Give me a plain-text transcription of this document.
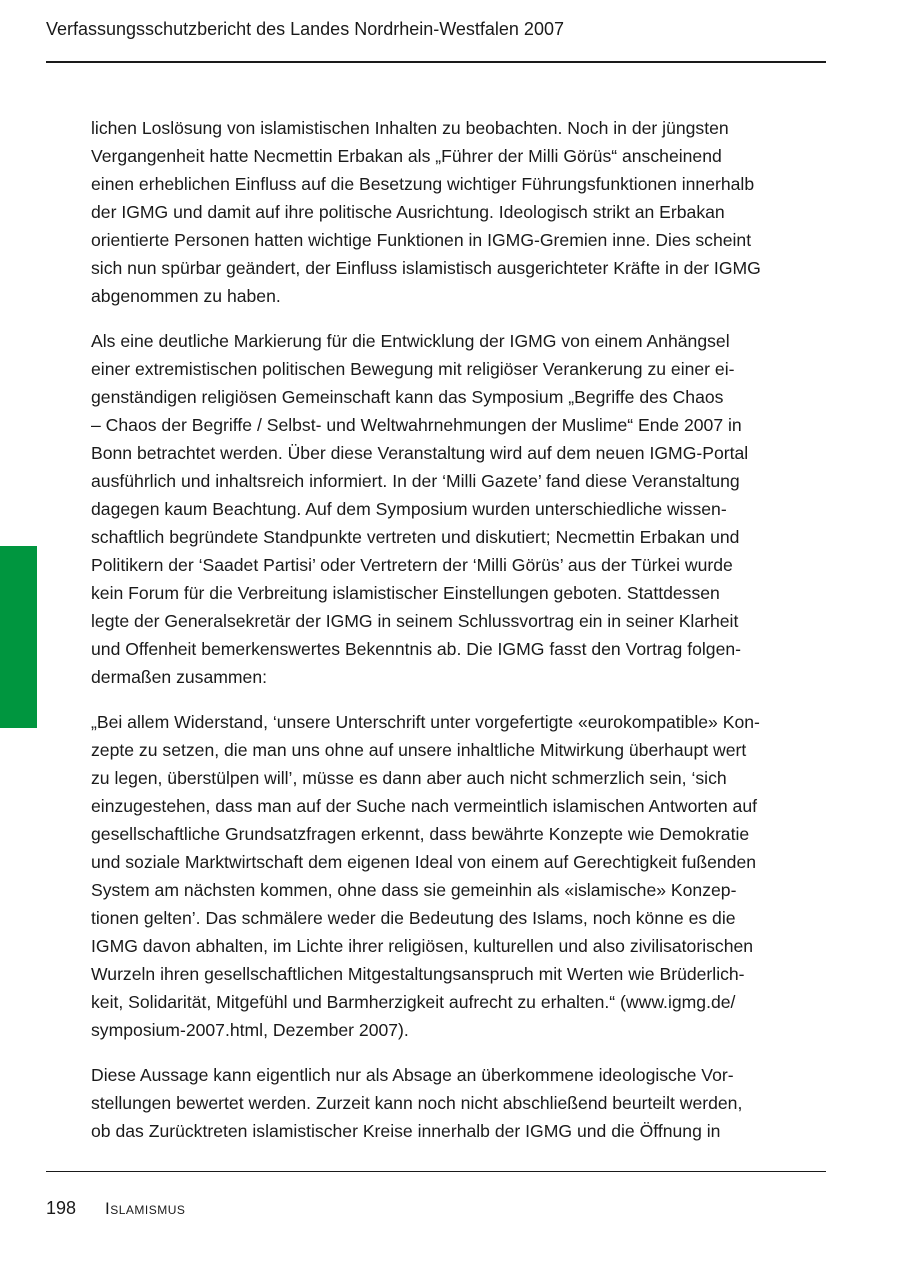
Verfassungsschutzbericht des Landes Nordrhein-Westfalen 2007
lichen Loslösung von islamistischen Inhalten zu beobachten. Noch in der jüngsten
Vergangenheit hatte Necmettin Erbakan als „Führer der Milli Görüs“ anscheinend
einen erheblichen Einfluss auf die Besetzung wichtiger Führungsfunktionen innerhalb
der IGMG und damit auf ihre politische Ausrichtung. Ideologisch strikt an Erbakan
orientierte Personen hatten wichtige Funktionen in IGMG-Gremien inne. Dies scheint
sich nun spürbar geändert, der Einfluss islamistisch ausgerichteter Kräfte in der IGMG
abgenommen zu haben.
Als eine deutliche Markierung für die Entwicklung der IGMG von einem Anhängsel
einer extremistischen politischen Bewegung mit religiöser Verankerung zu einer ei-
genständigen religiösen Gemeinschaft kann das Symposium „Begriffe des Chaos
– Chaos der Begriffe / Selbst- und Weltwahrnehmungen der Muslime“ Ende 2007 in
Bonn betrachtet werden. Über diese Veranstaltung wird auf dem neuen IGMG-Portal
ausführlich und inhaltsreich informiert. In der ‘Milli Gazete’ fand diese Veranstaltung
dagegen kaum Beachtung. Auf dem Symposium wurden unterschiedliche wissen-
schaftlich begründete Standpunkte vertreten und diskutiert; Necmettin Erbakan und
Politikern der ‘Saadet Partisi’ oder Vertretern der ‘Milli Görüs’ aus der Türkei wurde
kein Forum für die Verbreitung islamistischer Einstellungen geboten. Stattdessen
legte der Generalsekretär der IGMG in seinem Schlussvortrag ein in seiner Klarheit
und Offenheit bemerkenswertes Bekenntnis ab. Die IGMG fasst den Vortrag folgen-
dermaßen zusammen:
„Bei allem Widerstand, ‘unsere Unterschrift unter vorgefertigte «eurokompatible» Kon-
zepte zu setzen, die man uns ohne auf unsere inhaltliche Mitwirkung überhaupt wert
zu legen, überstülpen will’, müsse es dann aber auch nicht schmerzlich sein, ‘sich
einzugestehen, dass man auf der Suche nach vermeintlich islamischen Antworten auf
gesellschaftliche Grundsatzfragen erkennt, dass bewährte Konzepte wie Demokratie
und soziale Marktwirtschaft dem eigenen Ideal von einem auf Gerechtigkeit fußenden
System am nächsten kommen, ohne dass sie gemeinhin als «islamische» Konzep-
tionen gelten’. Das schmälere weder die Bedeutung des Islams, noch könne es die
IGMG davon abhalten, im Lichte ihrer religiösen, kulturellen und also zivilisatorischen
Wurzeln ihren gesellschaftlichen Mitgestaltungsanspruch mit Werten wie Brüderlich-
keit, Solidarität, Mitgefühl und Barmherzigkeit aufrecht zu erhalten.“ (www.igmg.de/
symposium-2007.html, Dezember 2007).
Diese Aussage kann eigentlich nur als Absage an überkommene ideologische Vor-
stellungen bewertet werden. Zurzeit kann noch nicht abschließend beurteilt werden,
ob das Zurücktreten islamistischer Kreise innerhalb der IGMG und die Öffnung in
198 Islamismus
